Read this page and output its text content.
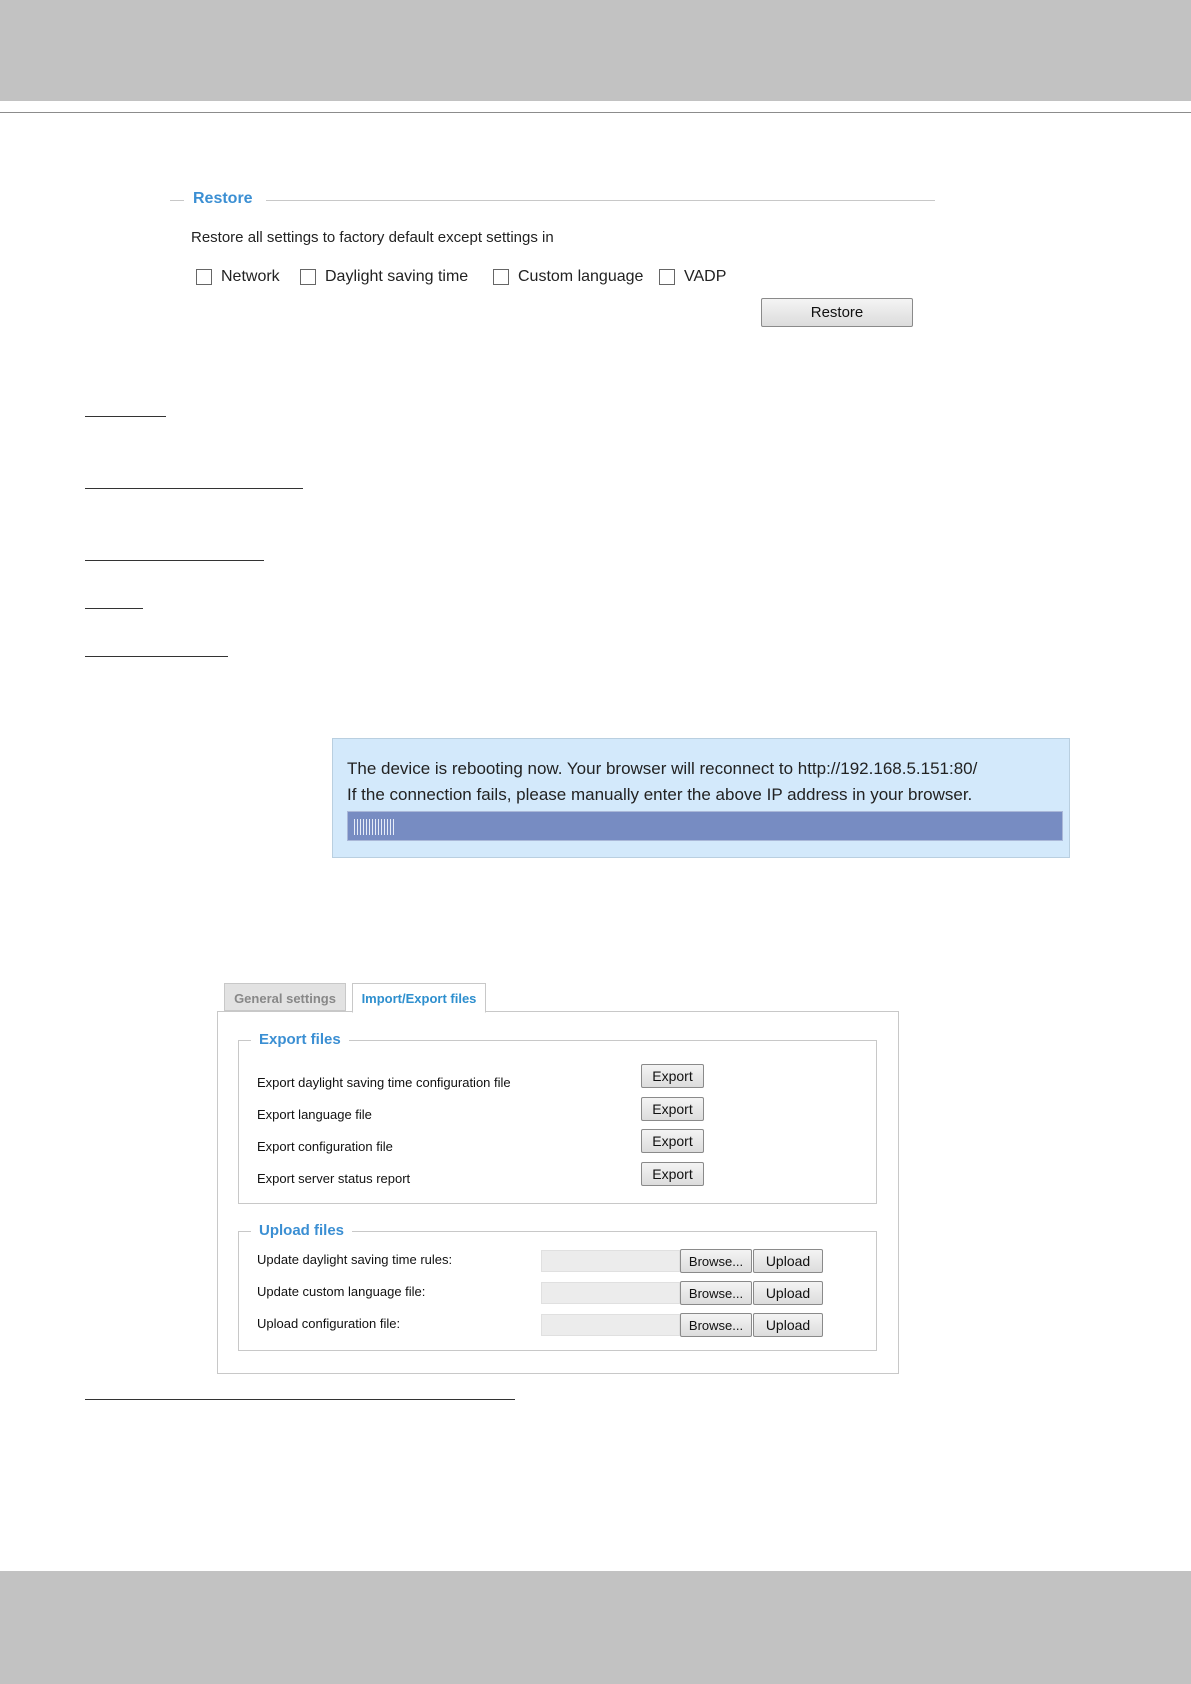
Restore
Restore all settings to factory default except settings in
Network	Daylight saving time	Custom language	VADP
Restore
The device is rebooting now. Your browser will reconnect to http://192.168.5.151:80/
If the connection fails, please manually enter the above IP address in your browser.
General settings	Import/Export files
Export files
Export daylight saving time configuration file	Export
Export language file	Export
Export configuration file	Export
Export server status report	Export
Upload files
Update daylight saving time rules:	Browse...	Upload
Update custom language file:	Browse...	Upload
Upload configuration file:	Browse...	Upload
